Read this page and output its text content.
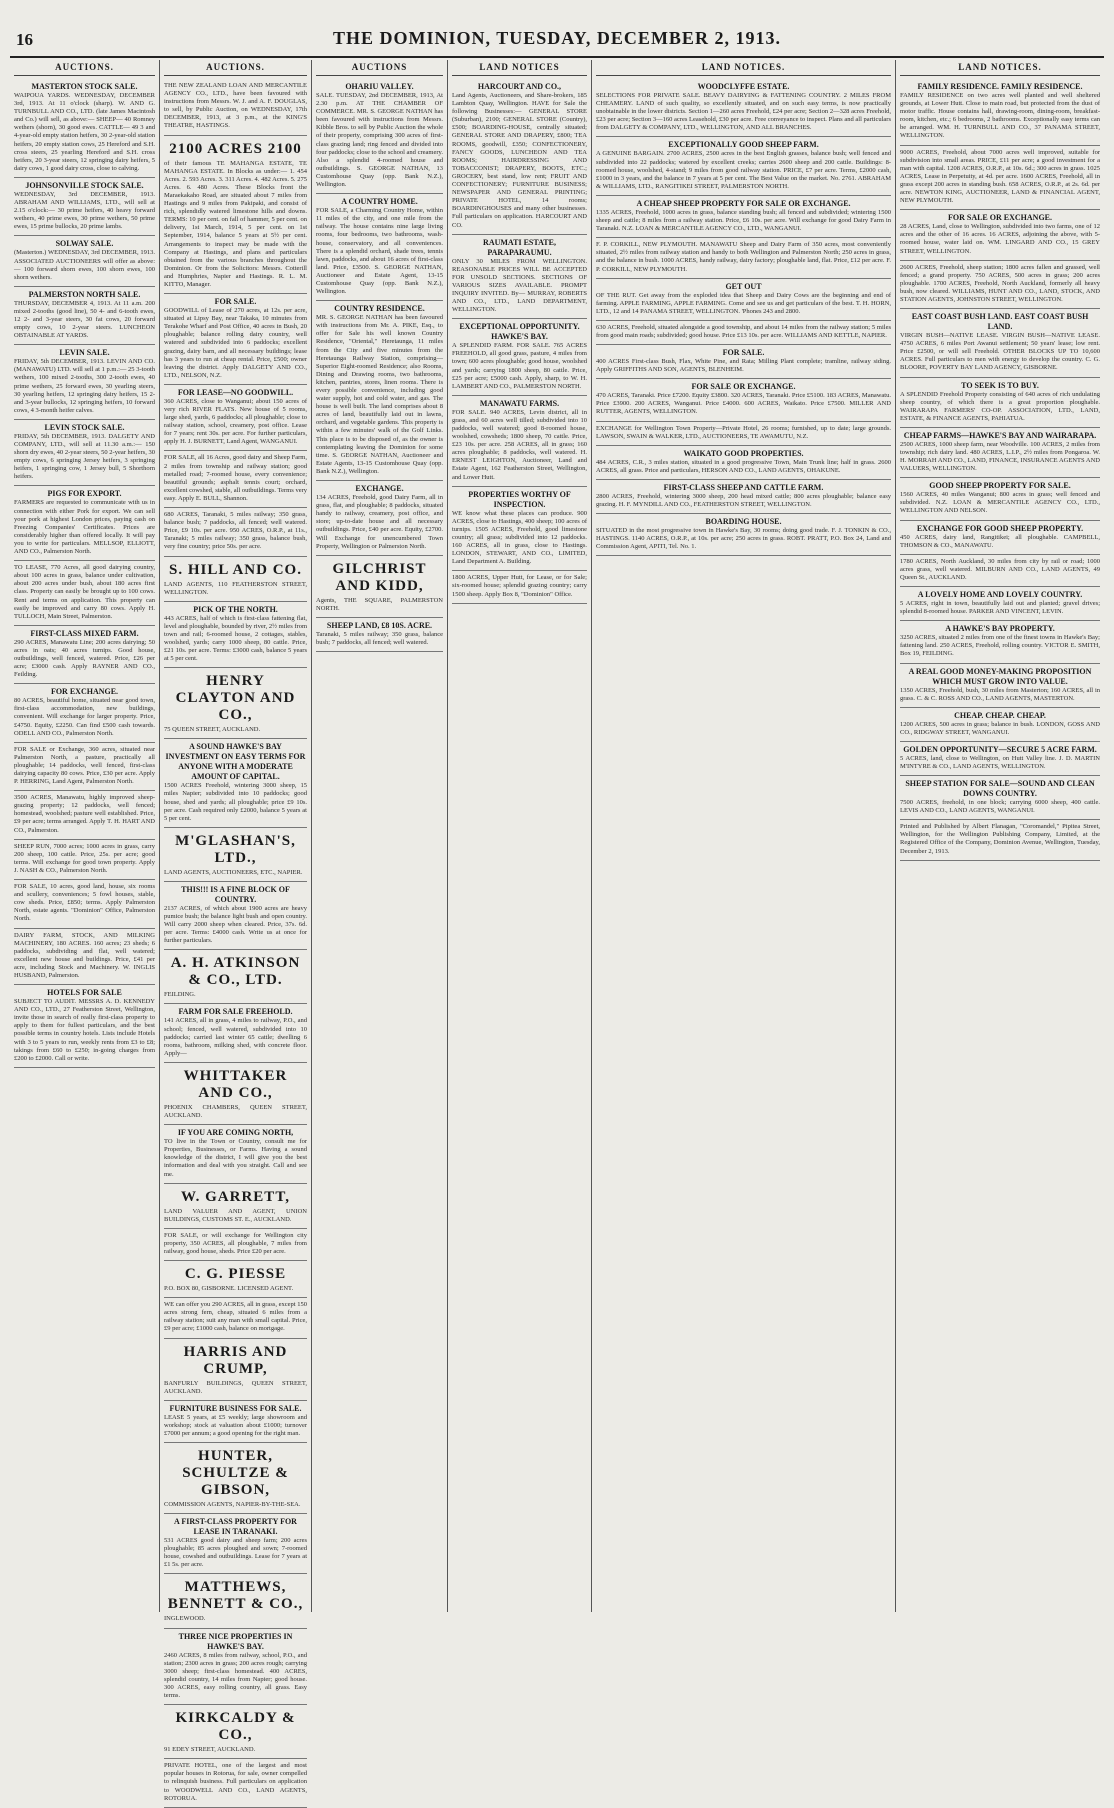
16	THE DOMINION, TUESDAY, DECEMBER 2, 1913.
AUCTIONS.
MASTERTON STOCK SALE.
WAIPOUA YARDS. WEDNESDAY, DECEMBER 3rd, 1913. At 11 o'clock (sharp). W. AND G. TURNBULL AND CO., LTD. (late James Macintosh and Co.) will sell, as above:— SHEEP— 40 Romney wethers (shorn), 30 good ewes. CATTLE— 49 3 and 4-year-old empty station heifers, 30 2-year-old station heifers, 20 empty station cows, 25 Hereford and S.H. cross steers, 25 yearling Hereford and S.H. cross heifers, 20 3-year steers, 12 springing dairy heifers, 5 dairy cows, 1 good dairy cross, close to calving.
JOHNSONVILLE STOCK SALE.
WEDNESDAY, 3rd DECEMBER, 1913. ABRAHAM AND WILLIAMS, LTD., will sell at 2.15 o'clock:— 30 prime heifers, 40 heavy forward wethers, 40 prime ewes, 30 prime wethers, 50 prime ewes, 15 prime bullocks, 20 prime lambs.
SOLWAY SALE.
(Masterton.) WEDNESDAY, 3rd DECEMBER, 1913. ASSOCIATED AUCTIONEERS will offer as above:— 100 forward shorn ewes, 100 shorn ewes, 100 shorn wethers.
PALMERSTON NORTH SALE.
THURSDAY, DECEMBER 4, 1913. At 11 a.m. 200 mixed 2-tooths (good line), 50 4- and 6-tooth ewes, 12 2- and 3-year steers, 30 fat cows, 20 forward empty cows, 10 2-year steers. LUNCHEON OBTAINABLE AT YARDS.
LEVIN SALE.
FRIDAY, 5th DECEMBER, 1913. LEVIN AND CO. (MANAWATU) LTD. will sell at 1 p.m.:— 25 3-tooth wethers, 100 mixed 2-tooths, 300 2-tooth ewes, 40 prime wethers, 25 forward ewes, 30 yearling steers, 30 yearling heifers, 12 springing dairy heifers, 15 2- and 3-year bullocks, 12 springing heifers, 10 forward cows, 4 3-month heifer calves.
LEVIN STOCK SALE.
FRIDAY, 5th DECEMBER, 1913. DALGETY AND COMPANY, LTD., will sell at 11.30 a.m.:— 150 shorn dry ewes, 40 2-year steers, 50 2-year heifers, 30 empty cows, 6 springing Jersey heifers, 3 springing heifers, 1 springing cow, 1 Jersey bull, 5 Shorthorn heifers.
PIGS FOR EXPORT.
FARMERS are requested to communicate with us in connection with either Pork for export. We can sell your pork at highest London prices, paying cash on Freezing Companies' Certificates. Prices are considerably higher than offered locally. It will pay you to write for particulars. MELLSOP, ELLIOTT, AND CO., Palmerston North.
TO LEASE, 770 Acres, all good dairying country, about 100 acres in grass, balance under cultivation, about 200 acres under bush, about 180 acres first class. Property can easily be brought up to 100 cows. Rent and terms on application. This property can easily be improved and carry 80 cows. Apply H. TULLOCH, Main Street, Palmerston.
FIRST-CLASS MIXED FARM.
290 ACRES, Manawatu Line; 200 acres dairying; 50 acres in oats; 40 acres turnips. Good house, outbuildings, well fenced, watered. Price, £26 per acre; £3000 cash. Apply RAYNER AND CO., Feilding.
FOR EXCHANGE.
80 ACRES, beautiful home, situated near good town, first-class accommodation, new buildings, convenient. Will exchange for larger property. Price, £4750. Equity, £2250. Can find £500 cash towards. ODELL AND CO., Palmerston North.
FOR SALE or Exchange, 360 acres, situated near Palmerston North, a pasture, practically all ploughable; 14 paddocks, well fenced, first-class dairying capacity 80 cows. Price, £30 per acre. Apply P. HERRING, Land Agent, Palmerston North.
3500 ACRES, Manawatu, highly improved sheep-grazing property; 12 paddocks, well fenced; homestead, woolshed; pasture well established. Price, £9 per acre; terms arranged. Apply T. H. HART AND CO., Palmerston.
SHEEP RUN, 7000 acres; 1000 acres in grass, carry 200 sheep, 100 cattle. Price, 25s. per acre; good terms. Will exchange for good town property. Apply J. NASH & CO., Palmerston North.
FOR SALE, 10 acres, good land, house, six rooms and scullery, conveniences; 5 fowl houses, stable, cow sheds. Price, £850; terms. Apply Palmerston North, estate agents. "Dominion" Office, Palmerston North.
DAIRY FARM, STOCK, AND MILKING MACHINERY, 180 ACRES. 160 acres; 23 sheds; 6 paddocks, subdividing and flat, well watered; excellent new house and buildings. Price, £41 per acre, including Stock and Machinery. W. INGLIS HUSBAND, Palmerston.
HOTELS FOR SALE
SUBJECT TO AUDIT. MESSRS A. D. KENNEDY AND CO., LTD., 27 Featherston Street, Wellington, invite those in search of really first-class property to apply to them for fullest particulars, and the best possible terms in country hotels. Lists include Hotels with 3 to 5 years to run, weekly rents from £3 to £8; takings from £60 to £250; in-going charges from £200 to £2000. Call or write.
AUCTIONS.
THE NEW ZEALAND LOAN AND MERCANTILE AGENCY CO., LTD., have been favoured with instructions from Messrs. W. J. and A. F. DOUGLAS, to sell, by Public Auction, on WEDNESDAY, 17th DECEMBER, 1913, at 3 p.m., at the KING'S THEATRE, HASTINGS.
2100 ACRES 2100
of their famous TE MAHANGA ESTATE, TE MAHANGA ESTATE. In Blocks as under:— 1. 454 Acres. 2. 593 Acres. 3. 311 Acres. 4. 482 Acres. 5. 275 Acres. 6. 480 Acres. These Blocks front the Maraekakaho Road, are situated about 7 miles from Hastings and 9 miles from Pakipaki, and consist of rich, splendidly watered limestone hills and downs. TERMS: 10 per cent. on fall of hammer, 5 per cent. on delivery, 1st March, 1914, 5 per cent. on 1st September, 1914, balance 5 years at 5½ per cent. Arrangements to inspect may be made with the Company at Hastings, and plans and particulars obtained from the various branches throughout the Dominion. Or from the Solicitors: Messrs. Cotterill and Humphries, Napier and Hastings. R. L. M. KITTO, Manager.
FOR SALE.
GOODWILL of Lease of 270 acres, at 12s. per acre, situated at Lipsy Bay, near Takaka, 10 minutes from Terakohe Wharf and Post Office, 40 acres in Bush, 20 ploughable; balance rolling dairy country, well watered and subdivided into 6 paddocks; excellent grazing, dairy barn, and all necessary buildings; lease has 3 years to run at cheap rental. Price, £500; owner leaving the district. Apply DALGETY AND CO., LTD., NELSON, N.Z.
FOR LEASE—NO GOODWILL.
360 ACRES, close to Wanganui; about 150 acres of very rich RIVER FLATS. New house of 5 rooms, large shed, yards, 6 paddocks; all ploughable; close to railway station, school, creamery, post office. Lease for 7 years; rent 30s. per acre. For further particulars, apply H. J. BURNETT, Land Agent, WANGANUI.
FOR SALE, all 16 Acres, good dairy and Sheep Farm, 2 miles from township and railway station; good metalled road; 7-roomed house, every convenience; beautiful grounds; asphalt tennis court; orchard, excellent cowshed, stable, all outbuildings. Terms very easy. Apply E. BULL, Shannon.
680 ACRES, Taranaki, 5 miles railway; 350 grass, balance bush; 7 paddocks, all fenced; well watered. Price, £9 10s. per acre. 950 ACRES, O.R.P., at 11s., Taranaki; 5 miles railway; 350 grass, balance bush, very fine country; price 50s. per acre.
S. HILL AND CO.
LAND AGENTS, 110 FEATHERSTON STREET, WELLINGTON.
PICK OF THE NORTH.
443 ACRES, half of which is first-class fattening flat, level and ploughable, bounded by river, 2½ miles from town and rail; 6-roomed house, 2 cottages, stables, woolshed, yards; carry 1000 sheep, 80 cattle. Price, £21 10s. per acre. Terms: £3000 cash, balance 5 years at 5 per cent.
HENRY CLAYTON AND CO.,
75 QUEEN STREET, AUCKLAND.
A SOUND HAWKE'S BAY INVESTMENT ON EASY TERMS FOR ANYONE WITH A MODERATE AMOUNT OF CAPITAL.
1500 ACRES Freehold, wintering 3000 sheep, 15 miles Napier; subdivided into 10 paddocks; good house, shed and yards; all ploughable; price £9 10s. per acre. Cash required only £2000, balance 5 years at 5 per cent.
M'GLASHAN'S, LTD.,
LAND AGENTS, AUCTIONEERS, ETC., NAPIER.
THIS!!! IS A FINE BLOCK OF COUNTRY.
2137 ACRES, of which about 1900 acres are heavy pumice bush; the balance light bush and open country. Will carry 2000 sheep when cleared. Price, 37s. 6d. per acre. Terms: £4000 cash. Write us at once for further particulars.
A. H. ATKINSON & CO., LTD.
FEILDING.
FARM FOR SALE FREEHOLD.
141 ACRES, all in grass, 4 miles to railway, P.O., and school; fenced, well watered, subdivided into 10 paddocks; carried last winter 65 cattle; dwelling 6 rooms, bathroom, milking shed, with concrete floor. Apply—
WHITTAKER AND CO.,
PHOENIX CHAMBERS, QUEEN STREET, AUCKLAND.
IF YOU ARE COMING NORTH,
TO live in the Town or Country, consult me for Properties, Businesses, or Farms. Having a sound knowledge of the district, I will give you the best information and deal with you straight. Call and see me.
W. GARRETT,
LAND VALUER AND AGENT, UNION BUILDINGS, CUSTOMS ST. E., AUCKLAND.
FOR SALE, or will exchange for Wellington city property, 350 ACRES, all ploughable, 7 miles from railway, good house, sheds. Price £20 per acre.
C. G. PIESSE
P.O. BOX 80, GISBORNE. LICENSED AGENT.
WE can offer you 290 ACRES, all in grass, except 150 acres strong fern, cheap, situated 6 miles from a railway station; suit any man with small capital. Price, £9 per acre; £1000 cash, balance on mortgage.
HARRIS AND CRUMP,
BANFURLY BUILDINGS, QUEEN STREET, AUCKLAND.
FURNITURE BUSINESS FOR SALE.
LEASE 5 years, at £5 weekly; large showroom and workshop; stock at valuation about £1000; turnover £7000 per annum; a good opening for the right man.
HUNTER, SCHULTZE & GIBSON,
COMMISSION AGENTS, NAPIER-BY-THE-SEA.
A FIRST-CLASS PROPERTY FOR LEASE IN TARANAKI.
531 ACRES good dairy and sheep farm; 200 acres ploughable; 85 acres ploughed and sown; 7-roomed house, cowshed and outbuildings. Lease for 7 years at £1 5s. per acre.
MATTHEWS, BENNETT & CO.,
INGLEWOOD.
THREE NICE PROPERTIES IN HAWKE'S BAY.
2460 ACRES, 8 miles from railway, school, P.O., and station; 2300 acres in grass; 200 acres rough; carrying 3000 sheep; first-class homestead. 400 ACRES, splendid country, 14 miles from Napier; good house. 300 ACRES, easy rolling country, all grass. Easy terms.
KIRKCALDY & CO.,
91 EDEY STREET, AUCKLAND.
PRIVATE HOTEL, one of the largest and most popular houses in Rotorua, for sale, owner compelled to relinquish business. Full particulars on application to WOODWELL AND CO., LAND AGENTS, ROTORUA.
AUCTIONS
OHARIU VALLEY.
SALE. TUESDAY, 2nd DECEMBER, 1913, At 2.30 p.m. AT THE CHAMBER OF COMMERCE. MR. S. GEORGE NATHAN has been favoured with instructions from Messrs. Kibble Bros. to sell by Public Auction the whole of their property, comprising 300 acres of first-class grazing land; ring fenced and divided into four paddocks; close to the school and creamery. Also a splendid 4-roomed house and outbuildings. S. GEORGE NATHAN, 13 Customhouse Quay (opp. Bank N.Z.), Wellington.
A COUNTRY HOME.
FOR SALE, a Charming Country Home, within 11 miles of the city, and one mile from the railway. The house contains nine large living rooms, four bedrooms, two bathrooms, wash-house, conservatory, and all conveniences. There is a splendid orchard, shade trees, tennis lawn, paddocks, and about 16 acres of first-class land. Price, £3500. S. GEORGE NATHAN, Auctioneer and Estate Agent, 13-15 Customhouse Quay (opp. Bank N.Z.), Wellington.
COUNTRY RESIDENCE.
MR. S. GEORGE NATHAN has been favoured with instructions from Mr. A. PIKE, Esq., to offer for Sale his well known Country Residence, "Oriental," Heretaunga, 11 miles from the City and five minutes from the Heretaunga Railway Station, comprising— Superior Eight-roomed Residence; also Rooms, Dining and Drawing rooms, two bathrooms, kitchen, pantries, stores, linen rooms. There is every possible convenience, including good water supply, hot and cold water, and gas. The house is well built. The land comprises about 8 acres of land, beautifully laid out in lawns, orchard, and vegetable gardens. This property is within a few minutes' walk of the Golf Links. This place is to be disposed of, as the owner is contemplating leaving the Dominion for some time. S. GEORGE NATHAN, Auctioneer and Estate Agents, 13-15 Customhouse Quay (opp. Bank N.Z.), Wellington.
EXCHANGE.
134 ACRES, Freehold, good Dairy Farm, all in grass, flat, and ploughable; 8 paddocks, situated handy to railway, creamery, post office, and store; up-to-date house and all necessary outbuildings. Price, £40 per acre. Equity, £2700. Will Exchange for unencumbered Town Property, Wellington or Palmerston North.
GILCHRIST AND KIDD,
Agents, THE SQUARE, PALMERSTON NORTH.
SHEEP LAND, £8 10S. ACRE.
Taranaki, 5 miles railway; 350 grass, balance bush; 7 paddocks, all fenced; well watered.
LAND NOTICES
HARCOURT AND CO.,
Land Agents, Auctioneers, and Share-brokers, 185 Lambton Quay, Wellington. HAVE for Sale the following Businesses:— GENERAL STORE (Suburban), 2100; GENERAL STORE (Country), £500; BOARDING-HOUSE, centrally situated; GENERAL STORE AND DRAPERY, £800; TEA ROOMS, goodwill, £350; CONFECTIONERY, FANCY GOODS, LUNCHEON AND TEA ROOMS; HAIRDRESSING AND TOBACCONIST; DRAPERY, BOOTS, ETC.; GROCERY, best stand, low rent; FRUIT AND CONFECTIONERY; FURNITURE BUSINESS; NEWSPAPER AND GENERAL PRINTING; PRIVATE HOTEL, 14 rooms; BOARDINGHOUSES and many other businesses. Full particulars on application. HARCOURT AND CO.
RAUMATI ESTATE, PARAPARAUMU.
ONLY 30 MILES FROM WELLINGTON. REASONABLE PRICES WILL BE ACCEPTED FOR UNSOLD SECTIONS. SECTIONS OF VARIOUS SIZES AVAILABLE. PROMPT INQUIRY INVITED. By— MURRAY, ROBERTS AND CO., LTD., LAND DEPARTMENT, WELLINGTON.
EXCEPTIONAL OPPORTUNITY. HAWKE'S BAY.
A SPLENDID FARM. FOR SALE. 765 ACRES FREEHOLD, all good grass, pasture, 4 miles from town; 600 acres ploughable; good house, woolshed and yards; carrying 1800 sheep, 80 cattle. Price, £25 per acre; £5000 cash. Apply, sharp, to W. H. LAMBERT AND CO., PALMERSTON NORTH.
MANAWATU FARMS.
FOR SALE. 940 ACRES, Levin district, all in grass, and 60 acres well tilled; subdivided into 10 paddocks, well watered; good 8-roomed house, woolshed, cowsheds; 1800 sheep, 70 cattle. Price, £23 10s. per acre. 258 ACRES, all in grass; 160 acres ploughable; 8 paddocks, well watered. H. ERNEST LEIGHTON, Auctioneer, Land and Estate Agent, 162 Featherston Street, Wellington, and Lower Hutt.
PROPERTIES WORTHY OF INSPECTION.
WE know what these places can produce. 900 ACRES, close to Hastings, 400 sheep; 100 acres of turnips. 1505 ACRES, Freehold, good limestone country; all grass; subdivided into 12 paddocks. 160 ACRES, all in grass, close to Hastings. LONDON, STEWART, AND CO., LIMITED, Land Department A. Building.
1800 ACRES, Upper Hutt, for Lease, or for Sale; six-roomed house; splendid grazing country; carry 1500 sheep. Apply Box 8, "Dominion" Office.
LAND NOTICES.
WOODCLYFFE ESTATE.
SELECTIONS FOR PRIVATE SALE. BEAVY DAIRYING & FATTENING COUNTRY. 2 MILES FROM CHEAMERY. LAND of such quality, so excellently situated, and on such easy terms, is now practically unobtainable in the lower districts. Section 1—260 acres Freehold, £24 per acre; Section 2—328 acres Freehold, £23 per acre; Section 3—160 acres Leasehold, £30 per acre. Free conveyance to inspect. Plans and all particulars from DALGETY & COMPANY, LTD., WELLINGTON, AND ALL BRANCHES.
EXCEPTIONALLY GOOD SHEEP FARM.
A GENUINE BARGAIN. 2700 ACRES, 2500 acres in the best English grasses, balance bush; well fenced and subdivided into 22 paddocks; watered by excellent creeks; carries 2600 sheep and 200 cattle. Buildings: 8-roomed house, woolshed, 4-stand; 9 miles from good railway station. PRICE, £7 per acre. Terms, £2000 cash, £1000 in 3 years, and the balance in 7 years at 5 per cent. The Best Value on the market. No. 2761. ABRAHAM & WILLIAMS, LTD., RANGITIKEI STREET, PALMERSTON NORTH.
A CHEAP SHEEP PROPERTY FOR SALE OR EXCHANGE.
1335 ACRES, Freehold, 1000 acres in grass, balance standing bush; all fenced and subdivided; wintering 1500 sheep and cattle; 8 miles from a railway station. Price, £6 10s. per acre. Will exchange for good Dairy Farm in Taranaki. N.Z. LOAN & MERCANTILE AGENCY CO., LTD., WANGANUI.
F. P. CORKILL, NEW PLYMOUTH. MANAWATU Sheep and Dairy Farm of 350 acres, most conveniently situated, 2½ miles from railway station and handy to both Wellington and Palmerston North; 250 acres in grass, and the balance in bush. 1000 ACRES, handy railway, dairy factory; ploughable land, flat. Price, £12 per acre. F. P. CORKILL, NEW PLYMOUTH.
GET OUT
OF THE RUT. Get away from the exploded idea that Sheep and Dairy Cows are the beginning and end of farming. APPLE FARMING, APPLE FARMING. Come and see us and get particulars of the best. T. H. HORN, LTD., 12 and 14 PANAMA STREET, WELLINGTON. 'Phones 243 and 2800.
630 ACRES, Freehold, situated alongside a good township, and about 14 miles from the railway station; 5 miles from good main roads; subdivided; good house. Price £13 10s. per acre. WILLIAMS AND KETTLE, NAPIER.
FOR SALE.
400 ACRES First-class Bush, Flax, White Pine, and Rata; Milling Plant complete; tramline, railway siding. Apply GRIFFITHS AND SON, AGENTS, BLENHEIM.
FOR SALE OR EXCHANGE.
470 ACRES, Taranaki. Price £7200. Equity £3800. 320 ACRES, Taranaki. Price £5100. 183 ACRES, Manawatu. Price £3900. 200 ACRES, Wanganui. Price £4000. 600 ACRES, Waikato. Price £7500. MILLER AND RUTTER, AGENTS, WELLINGTON.
EXCHANGE for Wellington Town Property—Private Hotel, 26 rooms; furnished, up to date; large grounds. LAWSON, SWAIN & WALKER, LTD., AUCTIONEERS, TE AWAMUTU, N.Z.
WAIKATO GOOD PROPERTIES.
484 ACRES, C.R., 3 miles station, situated in a good progressive Town, Main Trunk line; half in grass. 2600 ACRES, all grass. Price and particulars, HERSON AND CO., LAND AGENTS, OHAKUNE.
FIRST-CLASS SHEEP AND CATTLE FARM.
2800 ACRES, Freehold, wintering 3000 sheep, 200 head mixed cattle; 800 acres ploughable; balance easy grazing. H. F. MYNDILL AND CO., FEATHERSTON STREET, WELLINGTON.
BOARDING HOUSE.
SITUATED in the most progressive town in Hawke's Bay, 30 rooms; doing good trade. F. J. TONKIN & CO., HASTINGS. 1140 ACRES, O.R.P., at 10s. per acre; 250 acres in grass. ROBT. PRATT, P.O. Box 24, Land and Commission Agent, APITI, Tel. No. 1.
LAND NOTICES.
FAMILY RESIDENCE. FAMILY RESIDENCE.
FAMILY RESIDENCE on two acres well planted and well sheltered grounds, at Lower Hutt. Close to main road, but protected from the dust of motor traffic. House contains hall, drawing-room, dining-room, breakfast-room, kitchen, etc.; 6 bedrooms, 2 bathrooms. Exceptionally easy terms can be arranged. WM. H. TURNBULL AND CO., 37 PANAMA STREET, WELLINGTON.
9000 ACRES, Freehold, about 7000 acres well improved, suitable for subdivision into small areas. PRICE, £11 per acre; a good investment for a man with capital. 1208 ACRES, O.R.P., at 10s. 6d.; 300 acres in grass. 1025 ACRES, Lease in Perpetuity, at 4d. per acre. 1600 ACRES, Freehold, all in grass except 200 acres in standing bush. 658 ACRES, O.R.P., at 2s. 6d. per acre. NEWTON KING, AUCTIONEER, LAND & FINANCIAL AGENT, NEW PLYMOUTH.
FOR SALE OR EXCHANGE.
28 ACRES, Land, close to Wellington, subdivided into two farms, one of 12 acres and the other of 16 acres. 16 ACRES, adjoining the above, with 5-roomed house, water laid on. WM. LINGARD AND CO., 15 GREY STREET, WELLINGTON.
2600 ACRES, Freehold, sheep station; 1800 acres fallen and grassed, well fenced; a grand property. 750 ACRES, 500 acres in grass; 200 acres ploughable. 1700 ACRES, Freehold, North Auckland, formerly all heavy bush, now cleared. WILLIAMS, HUNT AND CO., LAND, STOCK, AND STATION AGENTS, JOHNSTON STREET, WELLINGTON.
EAST COAST BUSH LAND. EAST COAST BUSH LAND.
VIRGIN BUSH—NATIVE LEASE. VIRGIN BUSH—NATIVE LEASE. 4750 ACRES, 6 miles Port Awanui settlement; 50 years' lease; low rent. Price £2500, or will sell Freehold. OTHER BLOCKS UP TO 10,600 ACRES. Full particulars to men with energy to develop the country. C. G. BLOORE, POVERTY BAY LAND AGENCY, GISBORNE.
TO SEEK IS TO BUY.
A SPLENDID Freehold Property consisting of 640 acres of rich undulating sheep country, of which there is a great proportion ploughable. WAIRARAPA FARMERS' CO-OP. ASSOCIATION, LTD., LAND, ESTATE, & FINANCE AGENTS, PAHIATUA.
CHEAP FARMS—HAWKE'S BAY AND WAIRARAPA.
2500 ACRES, 1000 sheep farm, near Woodville. 100 ACRES, 2 miles from township; rich dairy land. 480 ACRES, L.I.P., 2½ miles from Pongaroa. W. H. MORRAH AND CO., LAND, FINANCE, INSURANCE AGENTS AND VALUERS, WELLINGTON.
GOOD SHEEP PROPERTY FOR SALE.
1560 ACRES, 40 miles Wanganui; 800 acres in grass; well fenced and subdivided. N.Z. LOAN & MERCANTILE AGENCY CO., LTD., WELLINGTON AND NELSON.
EXCHANGE FOR GOOD SHEEP PROPERTY.
450 ACRES, dairy land, Rangitikei; all ploughable. CAMPBELL, THOMSON & CO., MANAWATU.
1780 ACRES, North Auckland, 30 miles from city by rail or road; 1000 acres grass, well watered. MILBURN AND CO., LAND AGENTS, 49 Queen St., AUCKLAND.
A LOVELY HOME AND LOVELY COUNTRY.
5 ACRES, right in town, beautifully laid out and planted; gravel drives; splendid 8-roomed house. PARKER AND VINCENT, LEVIN.
A HAWKE'S BAY PROPERTY.
3250 ACRES, situated 2 miles from one of the finest towns in Hawke's Bay; fattening land. 250 ACRES, Freehold, rolling country. VICTOR E. SMITH, Box 19, FEILDING.
A REAL GOOD MONEY-MAKING PROPOSITION WHICH MUST GROW INTO VALUE.
1350 ACRES, Freehold, bush, 30 miles from Masterton; 160 ACRES, all in grass. C. & C. ROSS AND CO., LAND AGENTS, MASTERTON.
CHEAP. CHEAP. CHEAP.
1200 ACRES, 500 acres in grass; balance in bush. LONDON, GOSS AND CO., RIDGWAY STREET, WANGANUI.
GOLDEN OPPORTUNITY—SECURE 5 ACRE FARM.
5 ACRES, land, close to Wellington, on Hutt Valley line. J. D. MARTIN M'INTYRE & CO., LAND AGENTS, WELLINGTON.
SHEEP STATION FOR SALE—SOUND AND CLEAN DOWNS COUNTRY.
7500 ACRES, freehold, in one block; carrying 6000 sheep, 400 cattle. LEVIS AND CO., LAND AGENTS, WANGANUI.
Printed and Published by Albert Flanagan, "Coromandel," Pipitea Street, Wellington, for the Wellington Publishing Company, Limited, at the Registered Office of the Company, Dominion Avenue, Wellington, Tuesday, December 2, 1913.
